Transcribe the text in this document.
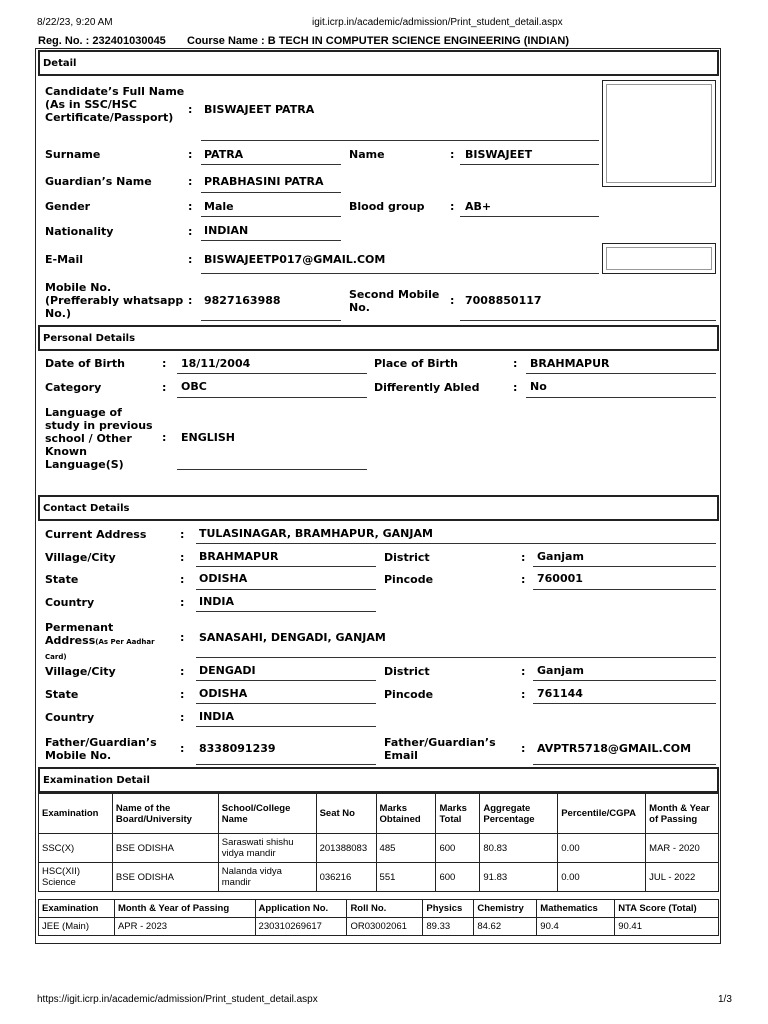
8/22/23, 9:20 AM	igit.icrp.in/academic/admission/Print_student_detail.aspx
Reg. No. : 232401030045 Course Name : B TECH IN COMPUTER SCIENCE ENGINEERING (INDIAN)
Detail
Candidate’s Full Name (As in SSC/HSC Certificate/Passport)
: BISWAJEET PATRA
Surname	: PATRA	Name	: BISWAJEET
Guardian’s Name	: PRABHASINI PATRA
Gender	: Male	Blood group : AB+
Nationality	: INDIAN
E-Mail	: BISWAJEETP017@GMAIL.COM
Mobile No. (Prefferably whatsapp No.)
: 9827163988	Second Mobile No.
: 7008850117
Personal Details
Date of Birth	: 18/11/2004	Place of Birth	: BRAHMAPUR
Category	: OBC	Differently Abled	: No
Language of study in previous school / Other Known Language(S)
: ENGLISH
Contact Details
Current Address	: TULASINAGAR, BRAMHAPUR, GANJAM
Village/City	: BRAHMAPUR	District	: Ganjam
State	: ODISHA	Pincode	: 760001
Country	: INDIA
Permenant Address(As Per Aadhar Card)
: SANASAHI, DENGADI, GANJAM
Village/City	: DENGADI	District	: Ganjam
State	: ODISHA	Pincode	: 761144
Country	: INDIA
Father/Guardian’s Mobile No.
: 8338091239	Father/Guardian’s Email
: AVPTR5718@GMAIL.COM
Examination Detail
Examination	Name of the Board/University	School/College Name	Seat No	Marks Obtained	Marks Total	Aggregate Percentage	Percentile/CGPA	Month & Year of Passing
SSC(X)	BSE ODISHA	Saraswati shishu vidya mandir	201388083	485	600	80.83	0.00	MAR - 2020
HSC(XII) Science	BSE ODISHA	Nalanda vidya mandir	036216	551	600	91.83	0.00	JUL - 2022
Examination	Month & Year of Passing	Application No.	Roll No.	Physics	Chemistry	Mathematics	NTA Score (Total)
JEE (Main)	APR - 2023	230310269617	OR03002061	89.33	84.62	90.4	90.41
https://igit.icrp.in/academic/admission/Print_student_detail.aspx	1/3
